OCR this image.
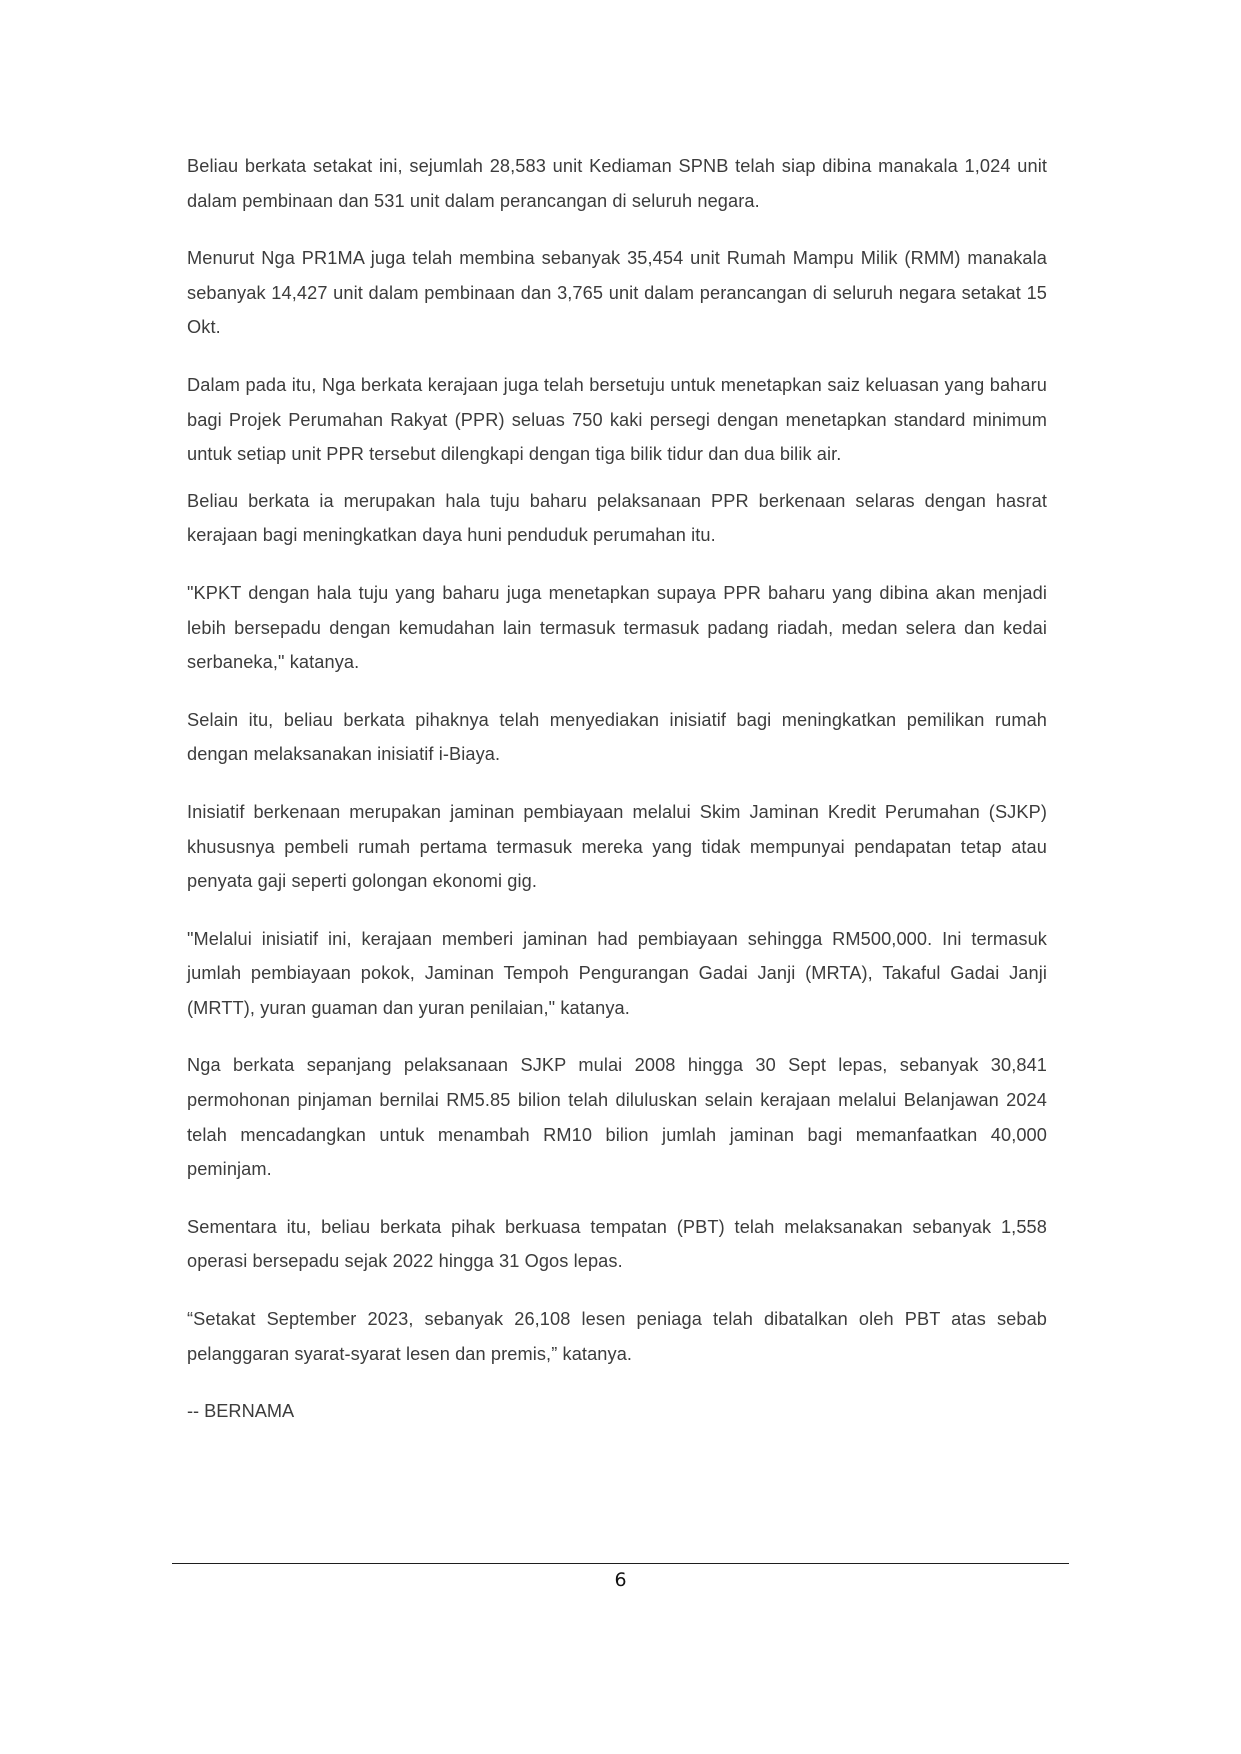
Beliau berkata setakat ini, sejumlah 28,583 unit Kediaman SPNB telah siap dibina manakala 1,024 unit dalam pembinaan dan 531 unit dalam perancangan di seluruh negara.

Menurut Nga PR1MA juga telah membina sebanyak 35,454 unit Rumah Mampu Milik (RMM) manakala sebanyak 14,427 unit dalam pembinaan dan 3,765 unit dalam perancangan di seluruh negara setakat 15 Okt.

Dalam pada itu, Nga berkata kerajaan juga telah bersetuju untuk menetapkan saiz keluasan yang baharu bagi Projek Perumahan Rakyat (PPR) seluas 750 kaki persegi dengan menetapkan standard minimum untuk setiap unit PPR tersebut dilengkapi dengan tiga bilik tidur dan dua bilik air.

Beliau berkata ia merupakan hala tuju baharu pelaksanaan PPR berkenaan selaras dengan hasrat kerajaan bagi meningkatkan daya huni penduduk perumahan itu.

"KPKT dengan hala tuju yang baharu juga menetapkan supaya PPR baharu yang dibina akan menjadi lebih bersepadu dengan kemudahan lain termasuk termasuk padang riadah, medan selera dan kedai serbaneka," katanya.

Selain itu, beliau berkata pihaknya telah menyediakan inisiatif bagi meningkatkan pemilikan rumah dengan melaksanakan inisiatif i-Biaya.

Inisiatif berkenaan merupakan jaminan pembiayaan melalui Skim Jaminan Kredit Perumahan (SJKP) khususnya pembeli rumah pertama termasuk mereka yang tidak mempunyai pendapatan tetap atau penyata gaji seperti golongan ekonomi gig.

"Melalui inisiatif ini, kerajaan memberi jaminan had pembiayaan sehingga RM500,000. Ini termasuk jumlah pembiayaan pokok, Jaminan Tempoh Pengurangan Gadai Janji (MRTA), Takaful Gadai Janji (MRTT), yuran guaman dan yuran penilaian," katanya.

Nga berkata sepanjang pelaksanaan SJKP mulai 2008 hingga 30 Sept lepas, sebanyak 30,841 permohonan pinjaman bernilai RM5.85 bilion telah diluluskan selain kerajaan melalui Belanjawan 2024 telah mencadangkan untuk menambah RM10 bilion jumlah jaminan bagi memanfaatkan 40,000 peminjam.

Sementara itu, beliau berkata pihak berkuasa tempatan (PBT) telah melaksanakan sebanyak 1,558 operasi bersepadu sejak 2022 hingga 31 Ogos lepas.

“Setakat September 2023, sebanyak 26,108 lesen peniaga telah dibatalkan oleh PBT atas sebab pelanggaran syarat-syarat lesen dan premis,” katanya.

-- BERNAMA

6
